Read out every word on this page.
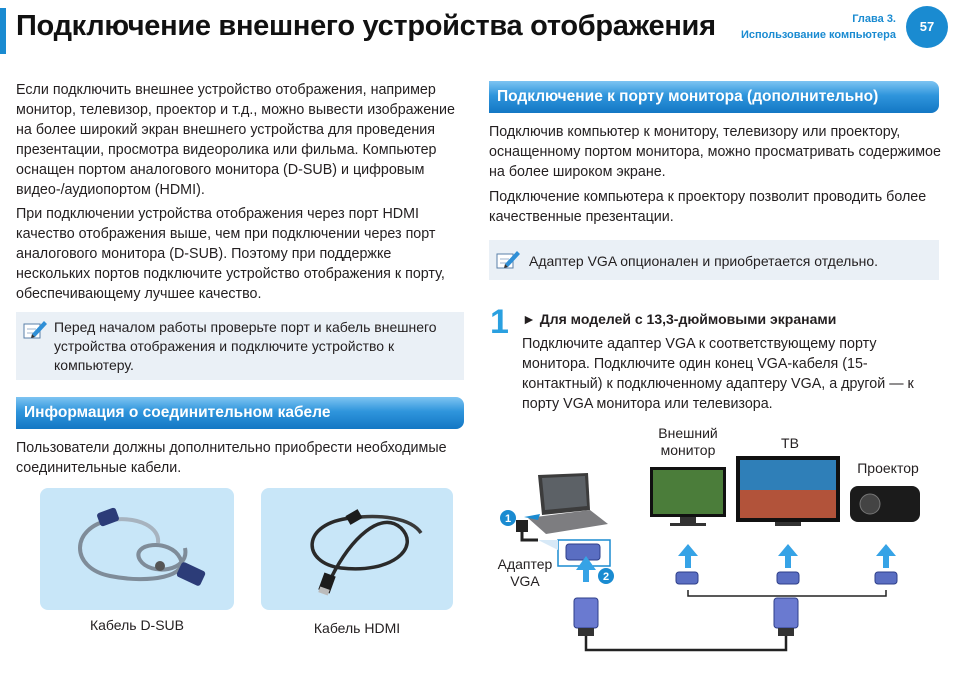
Подключение внешнего устройства отображения	Глава 3.
Использование компьютера
57

Если подключить внешнее устройство отображения, например монитор, телевизор, проектор и т.д., можно вывести изображение на более широкий экран внешнего устройства для проведения презентации, просмотра видеоролика или фильма. Компьютер оснащен портом аналогового монитора (D-SUB) и цифровым видео-/аудиопортом (HDMI).

При подключении устройства отображения через порт HDMI качество отображения выше, чем при подключении через порт аналогового монитора (D-SUB). Поэтому при поддержке нескольких портов подключите устройство отображения к порту, обеспечивающему лучшее качество.

Перед началом работы проверьте порт и кабель внешнего устройства отображения и подключите устройство к компьютеру.

Информация о соединительном кабеле

Пользователи должны дополнительно приобрести необходимые соединительные кабели.

Кабель D-SUB	Кабель HDMI
Подключение к порту монитора (дополнительно)

Подключив компьютер к монитору, телевизору или проектору, оснащенному портом монитора, можно просматривать содержимое на более широком экране.

Подключение компьютера к проектору позволит проводить более качественные презентации.

Адаптер VGA опционален и приобретается отдельно.

1 ► Для моделей с 13,3-дюймовыми экранами

Подключите адаптер VGA к соответствующему порту монитора. Подключите один конец VGA-кабеля (15-контактный) к подключенному адаптеру VGA, а другой — к порту VGA монитора или телевизора.

Внешний монитор	ТВ
Проектор
Адаптер VGA
1
2
